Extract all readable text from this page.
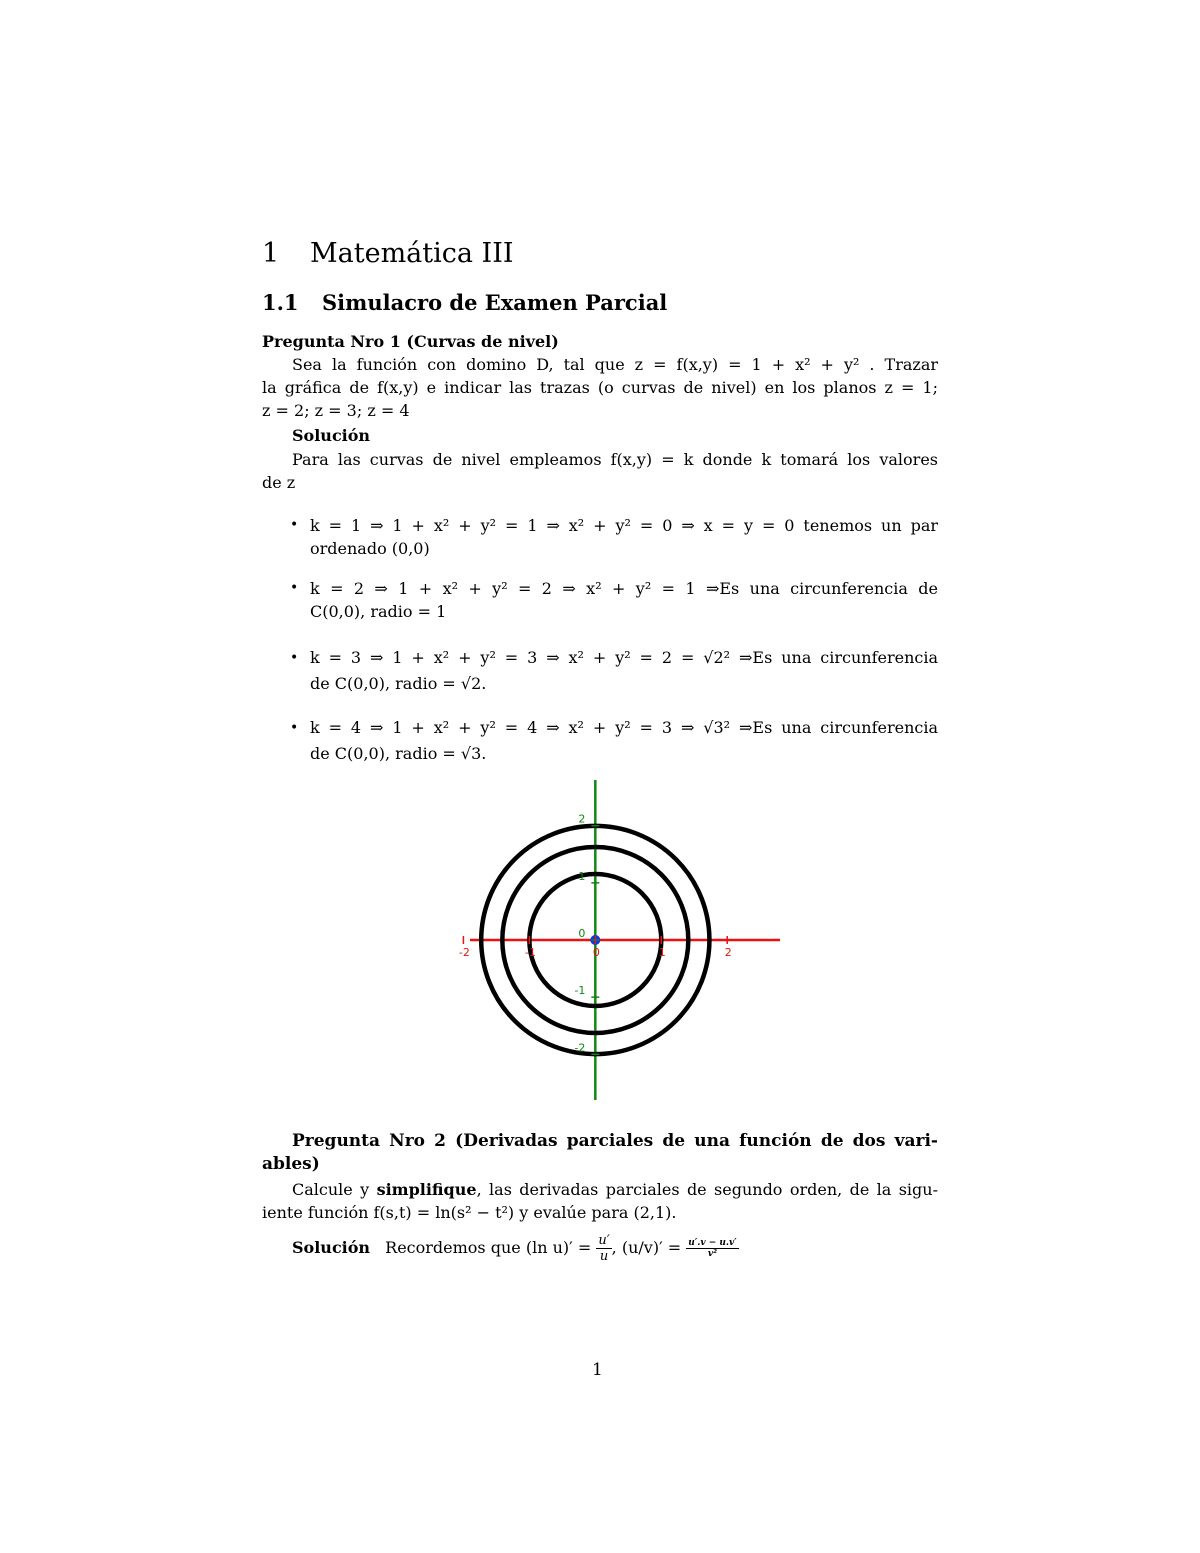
1 Matemática III
1.1 Simulacro de Examen Parcial
Pregunta Nro 1 (Curvas de nivel)
Sea la función con domino D, tal que z = f(x,y) = 1 + x² + y² . Trazar
la gráfica de f(x,y) e indicar las trazas (o curvas de nivel) en los planos z = 1;
z = 2; z = 3; z = 4
Solución
Para las curvas de nivel empleamos f(x,y) = k donde k tomará los valores
de z
• k = 1 ⇒ 1 + x² + y² = 1 ⇒ x² + y² = 0 ⇒ x = y = 0 tenemos un par
ordenado (0,0)
• k = 2 ⇒ 1 + x² + y² = 2 ⇒ x² + y² = 1 ⇒Es una circunferencia de
C(0,0), radio = 1
• k = 3 ⇒ 1 + x² + y² = 3 ⇒ x² + y² = 2 = √2² ⇒Es una circunferencia
de C(0,0), radio = √2.
• k = 4 ⇒ 1 + x² + y² = 4 ⇒ x² + y² = 3 ⇒ √3² ⇒Es una circunferencia
de C(0,0), radio = √3.
-2	-1	0	1	2
2
1
0
-1
-2
Pregunta Nro 2 (Derivadas parciales de una función de dos vari-
ables)
Calcule y simplifique, las derivadas parciales de segundo orden, de la sigu-
iente función f(s,t) = ln(s² − t²) y evalúe para (2,1).
Solución Recordemos que (ln $u)' = \frac{u'}{u}$ , $(u/v)' = \frac{u'.v - u.v'}{\text{v²}}$
1
